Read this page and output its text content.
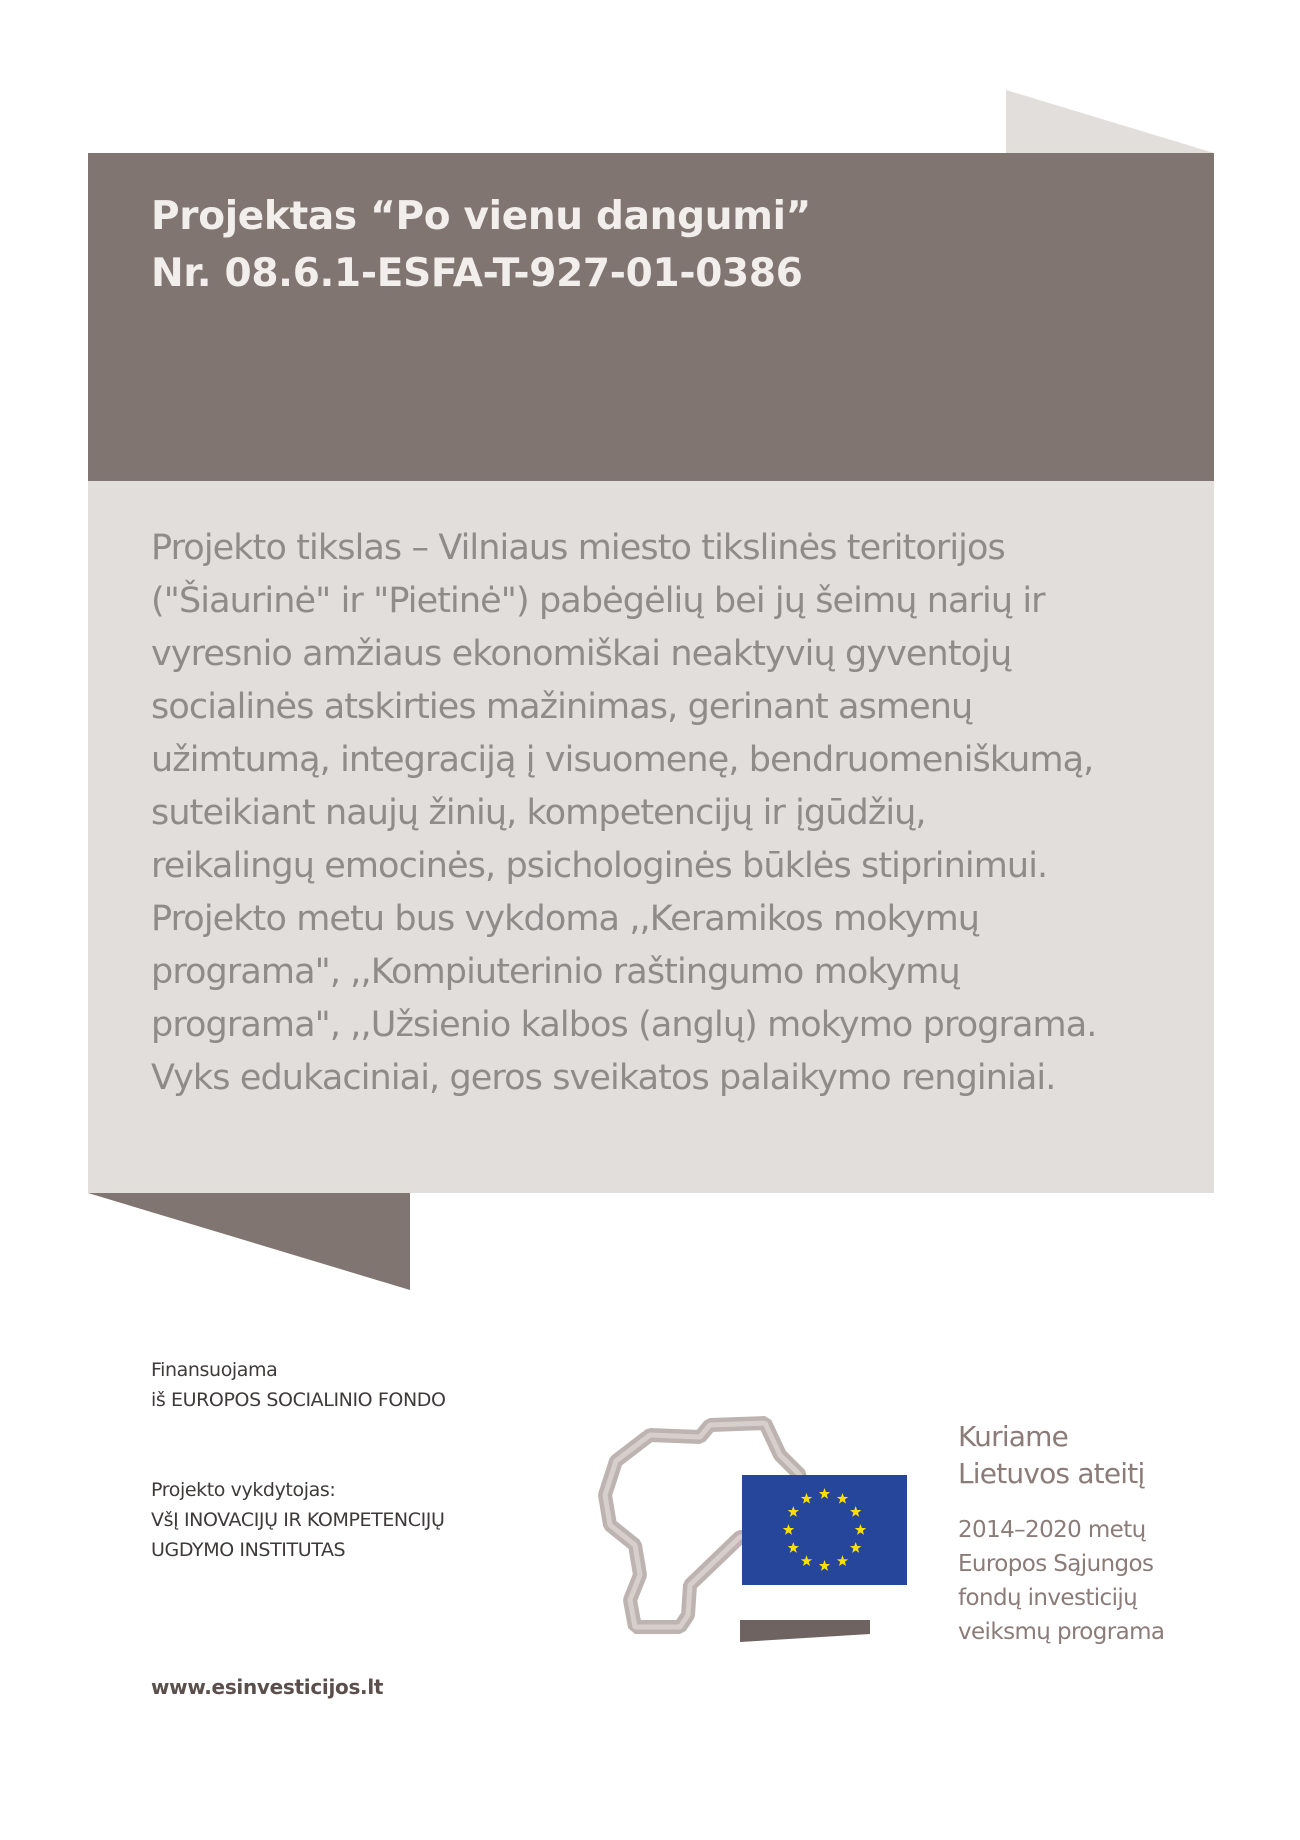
Projektas “Po vienu dangumi”
Nr. 08.6.1-ESFA-T-927-01-0386

Projekto tikslas – Vilniaus miesto tikslinės teritorijos
("Šiaurinė" ir "Pietinė") pabėgėlių bei jų šeimų narių ir
vyresnio amžiaus ekonomiškai neaktyvių gyventojų
socialinės atskirties mažinimas, gerinant asmenų
užimtumą, integraciją į visuomenę, bendruomeniškumą,
suteikiant naujų žinių, kompetencijų ir įgūdžių,
reikalingų emocinės, psichologinės būklės stiprinimui.
Projekto metu bus vykdoma ,,Keramikos mokymų
programa", ,,Kompiuterinio raštingumo mokymų
programa", ,,Užsienio kalbos (anglų) mokymo programa.
Vyks edukaciniai, geros sveikatos palaikymo renginiai.

Finansuojama
iš EUROPOS SOCIALINIO FONDO
Projekto vykdytojas:
VšĮ INOVACIJŲ IR KOMPETENCIJŲ
UGDYMO INSTITUTAS
www.esinvesticijos.lt
Kuriame
Lietuvos ateitį
2014–2020 metų
Europos Sąjungos
fondų investicijų
veiksmų programa
